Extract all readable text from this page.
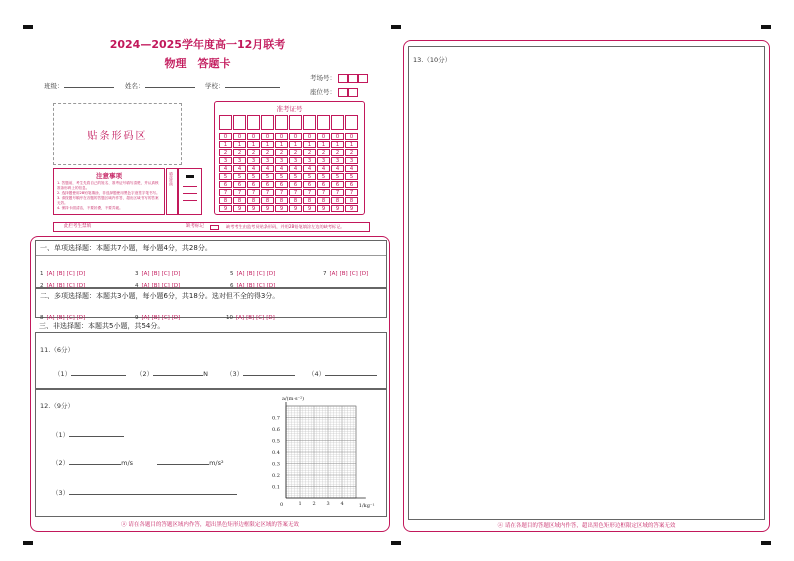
2024—2025学年度高一12月联考
物理　答题卡
班级：	姓名：	学校：
考场号：
座位号：
贴条形码区
注意事项
1. 答题前，考生先将自己的姓名、准考证号填写清楚，并认真核准条形码上的信息。
2. 选择题使用2B铅笔填涂，非选择题使用黑色字迹签字笔书写。
3. 请按题号顺序在各题的答题区域内作答，超出区域书写的答案无效。
4. 保持卡面清洁，不要折叠，不要弄破。
填涂样例
准考证号
0	0	0	0	0	0	0	0	0	0
1	1	1	1	1	1	1	1	1	1
2	2	2	2	2	2	2	2	2	2
3	3	3	3	3	3	3	3	3	3
4	4	4	4	4	4	4	4	4	4
5	5	5	5	5	5	5	5	5	5
6	6	6	6	6	6	6	6	6	6
7	7	7	7	7	7	7	7	7	7
8	8	8	8	8	8	8	8	8	8
9	9	9	9	9	9	9	9	9	9
此栏考生禁填	缺考标记	缺考考生由监考员贴条形码，并用2B铅笔填涂左边的缺考标记。
一、单项选择题：本题共7小题，每小题4分，共28分。
1 [A] [B] [C] [D]	3 [A] [B] [C] [D]	5 [A] [B] [C] [D]	7 [A] [B] [C] [D]
2 [A] [B] [C] [D]	4 [A] [B] [C] [D]	6 [A] [B] [C] [D]
二、多项选择题：本题共3小题，每小题6分，共18分。选对但不全的得3分。
8 [A] [B] [C] [D]	9 [A] [B] [C] [D]	10 [A] [B] [C] [D]
三、非选择题：本题共5小题，共54分。
11.（6分）
（1）	（2）	N	（3）	（4）
12.（9分）
（1）
（2）	m/s	m/s²
（3）
a/(m·s⁻²)
1/kg⁻¹
0
0.1
0.2
0.3
0.4
0.5
0.6
0.7
1 2 3 4
ⓐ 请在各题目的答题区域内作答，超出黑色矩形边框限定区域的答案无效
13.（10分）
ⓐ 请在各题目的答题区域内作答，超出黑色矩形边框限定区域的答案无效
